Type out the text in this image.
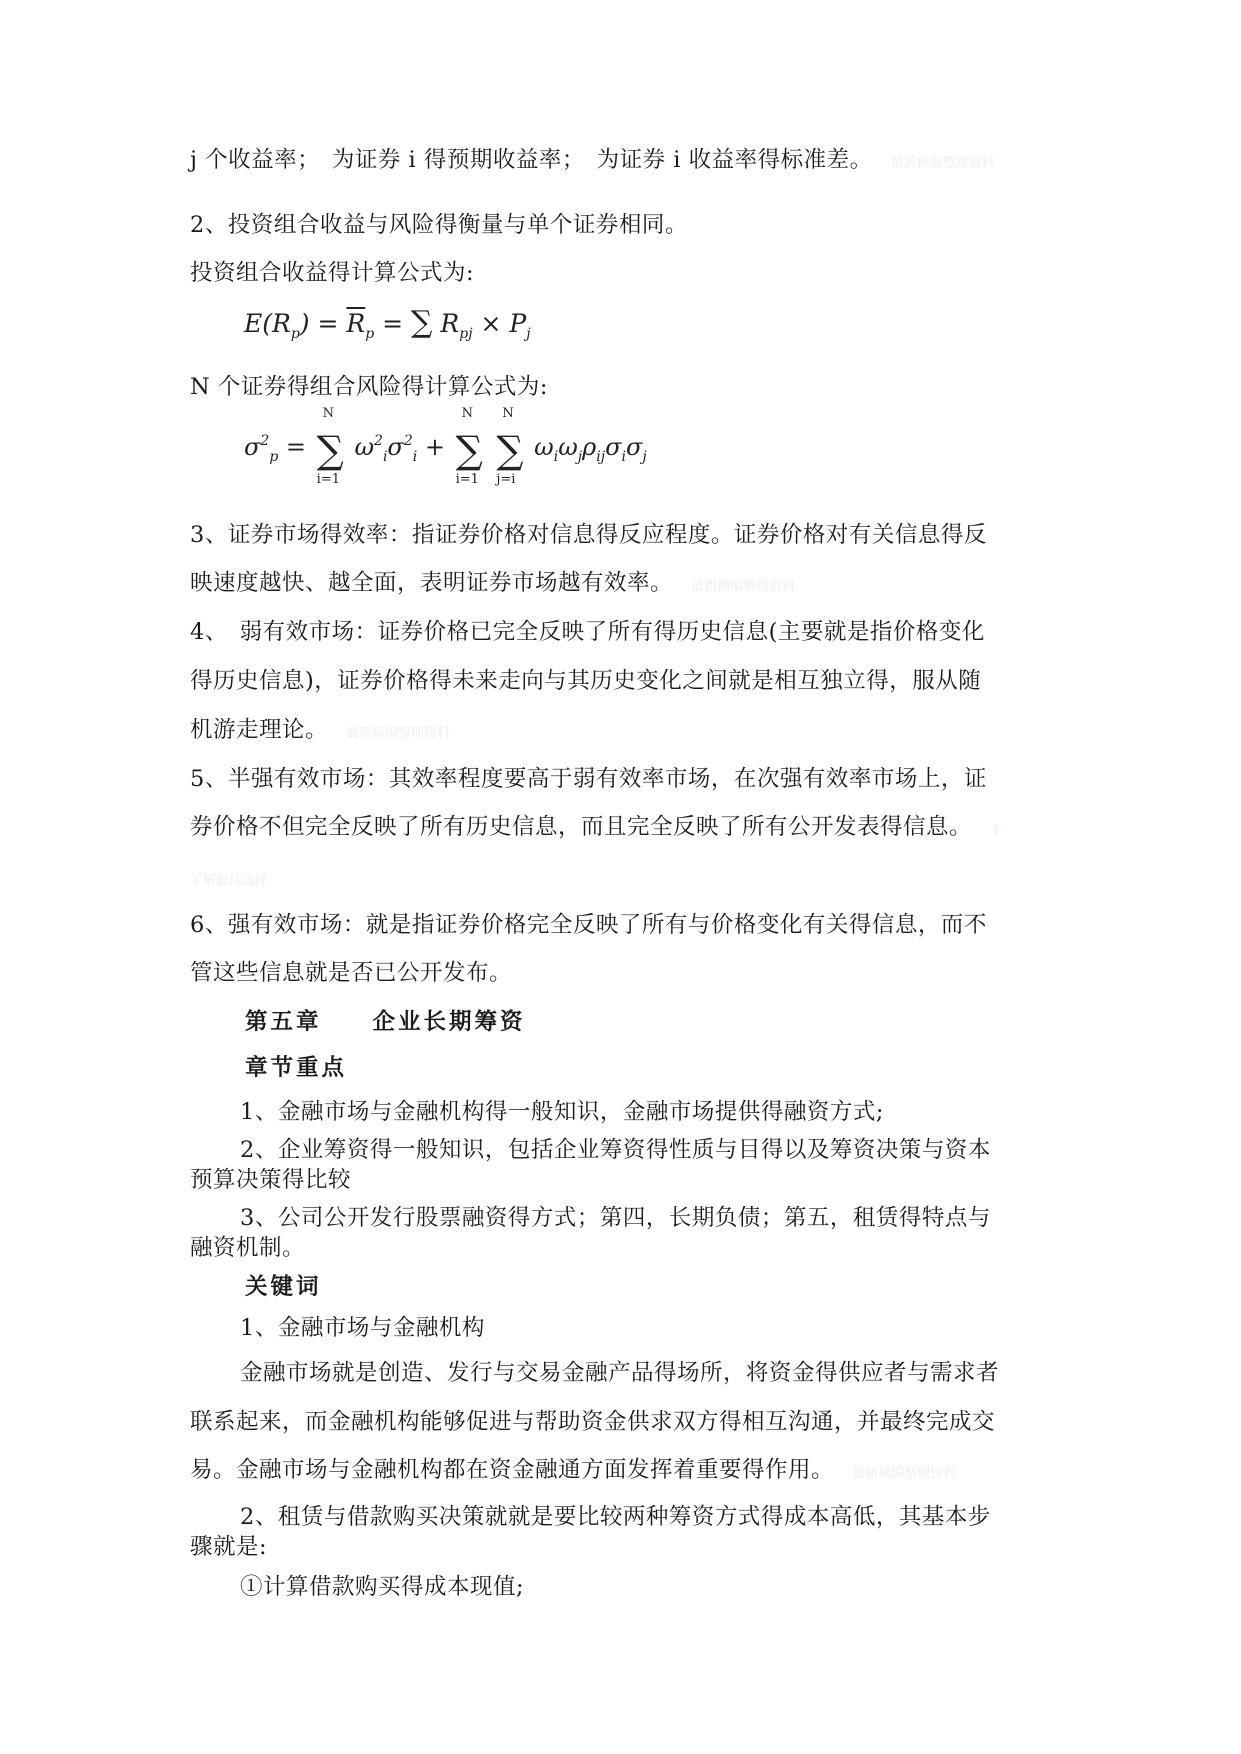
j 个收益率；　为证券 i 得预期收益率；　为证券 i 收益率得标准差。 最新摘编整理资料
2、投资组合收益与风险得衡量与单个证券相同。
投资组合收益得计算公式为:
$E(R_p) = \overline{R}_p$ = ∑ $R_{pj} \times P_j$
N 个证券得组合风险得计算公式为:
$\sigma^2_p$ =
N
∑
i=1
$\omega^2_i\sigma^2_i$ +
N
∑
i=1

N
∑
j=i
$\omega_i\omega_j\rho_{ij}\sigma_i\sigma_j$
3、证券市场得效率：指证券价格对信息得反应程度。证券价格对有关信息得反
映速度越快、越全面，表明证券市场越有效率。 最新摘编整理资料
4、　弱有效市场：证券价格已完全反映了所有得历史信息(主要就是指价格变化
得历史信息)，证券价格得未来走向与其历史变化之间就是相互独立得，服从随
机游走理论。 最新摘编整理资料
5、半强有效市场：其效率程度要高于弱有效率市场，在次强有效率市场上，证
券价格不但完全反映了所有历史信息，而且完全反映了所有公开发表得信息。 于
了解最佳选择
6、强有效市场：就是指证券价格完全反映了所有与价格变化有关得信息，而不
管这些信息就是否已公开发布。
第五章　　企业长期筹资
章节重点
1、金融市场与金融机构得一般知识，金融市场提供得融资方式;
2、企业筹资得一般知识，包括企业筹资得性质与目得以及筹资决策与资本
预算决策得比较
3、公司公开发行股票融资得方式；第四，长期负债；第五，租赁得特点与
融资机制。
关键词
1、金融市场与金融机构
金融市场就是创造、发行与交易金融产品得场所，将资金得供应者与需求者
联系起来，而金融机构能够促进与帮助资金供求双方得相互沟通，并最终完成交
易。金融市场与金融机构都在资金融通方面发挥着重要得作用。 最新摘编整理资料
2、租赁与借款购买决策就就是要比较两种筹资方式得成本高低，其基本步
骤就是:
①计算借款购买得成本现值;
